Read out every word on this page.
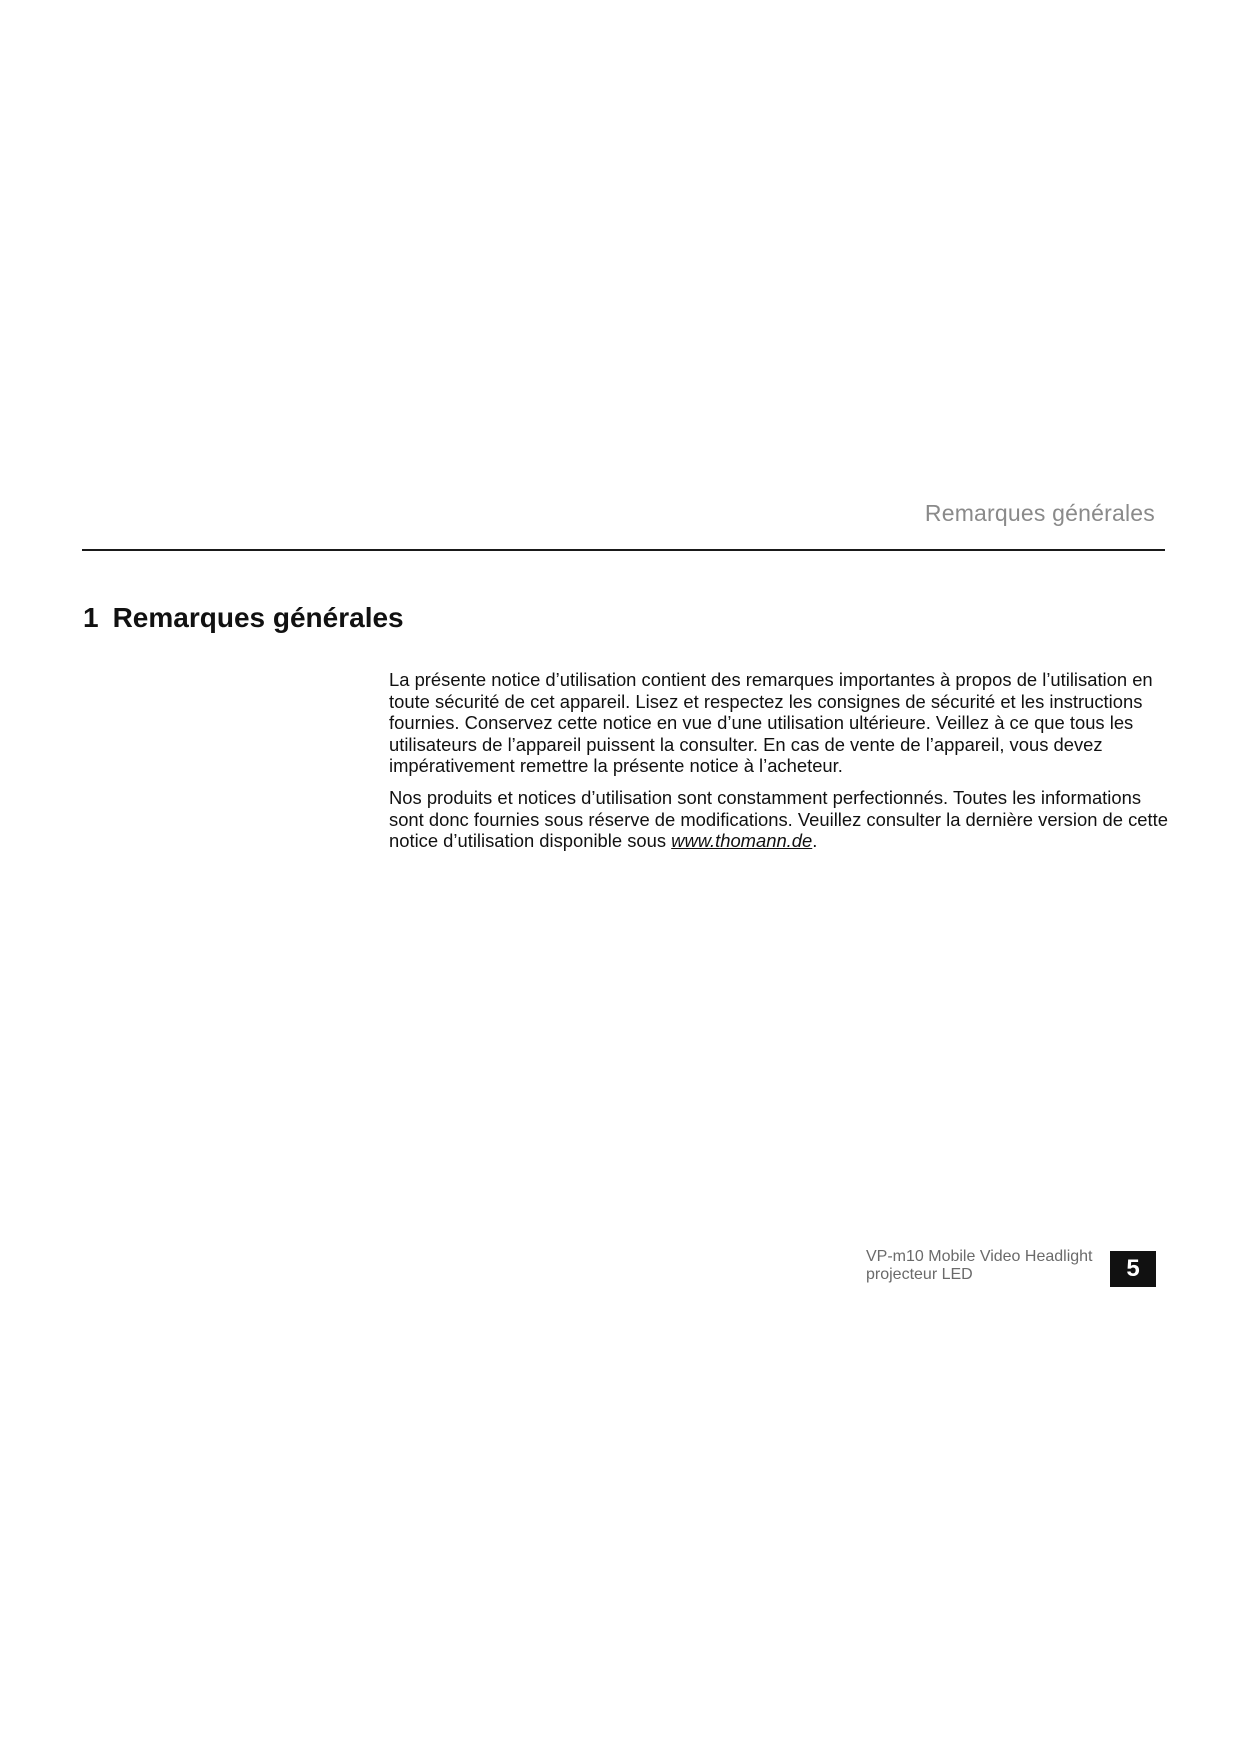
Remarques générales
1 Remarques générales

La présente notice d’utilisation contient des remarques importantes à propos de l’utilisation en toute sécurité de cet appareil. Lisez et respectez les consignes de sécurité et les instructions fournies. Conservez cette notice en vue d’une utilisation ultérieure. Veillez à ce que tous les utilisateurs de l’appareil puissent la consulter. En cas de vente de l’appareil, vous devez impérativement remettre la présente notice à l’acheteur.

Nos produits et notices d’utilisation sont constamment perfectionnés. Toutes les informations sont donc fournies sous réserve de modifications. Veuillez consulter la dernière version de cette notice d’utilisation disponible sous www.thomann.de.

VP-m10 Mobile Video Headlight
projecteur LED	5
